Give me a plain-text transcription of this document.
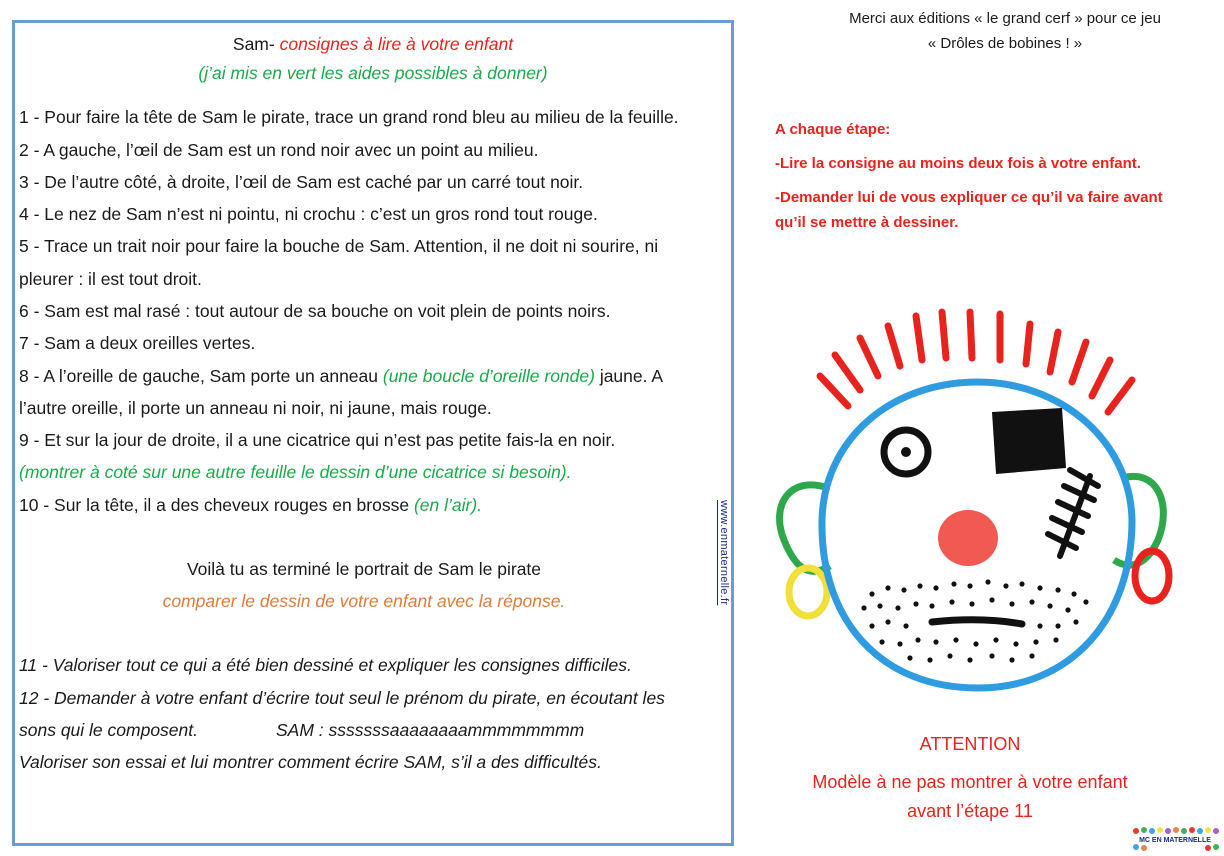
Sam- consignes à lire à votre enfant
(j’ai mis en vert les aides possibles à donner)
1 - Pour faire la tête de Sam le pirate, trace un grand rond bleu au milieu de la feuille.
2 - A gauche, l’œil de Sam est un rond noir avec un point au milieu.
3 - De l’autre côté, à droite, l’œil de Sam est caché par un carré tout noir.
4 - Le nez de Sam n’est ni pointu, ni crochu : c’est un gros rond tout rouge.
5 - Trace un trait noir pour faire la bouche de Sam. Attention, il ne doit ni sourire, ni
pleurer : il est tout droit.
6 - Sam est mal rasé : tout autour de sa bouche on voit plein de points noirs.
7 - Sam a deux oreilles vertes.
8 - A l’oreille de gauche, Sam porte un anneau (une boucle d’oreille ronde) jaune. A
l’autre oreille, il porte un anneau ni noir, ni jaune, mais rouge.
9 - Et sur la jour de droite, il a une cicatrice qui n’est pas petite fais-la en noir.
(montrer à coté sur une autre feuille le dessin d’une cicatrice si besoin).
10 - Sur la tête, il a des cheveux rouges en brosse (en l’air).
Voilà tu as terminé le portrait de Sam le pirate
comparer le dessin de votre enfant avec la réponse.
11 - Valoriser tout ce qui a été bien dessiné et expliquer les consignes difficiles.
12 - Demander à votre enfant d’écrire tout seul le prénom du pirate, en écoutant les
sons qui le composent.	SAM : sssssssaaaaaaaammmmmmmm
Valoriser son essai et lui montrer comment écrire SAM, s’il a des difficultés.
www.enmaternelle.fr
Merci aux éditions « le grand cerf » pour ce jeu
« Drôles de bobines ! »
A chaque étape:
-Lire la consigne au moins deux fois à votre enfant.
-Demander lui de vous expliquer ce qu’il va faire avant
qu’il se mettre à dessiner.
ATTENTION
Modèle à ne pas montrer à votre enfant
avant l’étape 11
MC EN MATERNELLE
